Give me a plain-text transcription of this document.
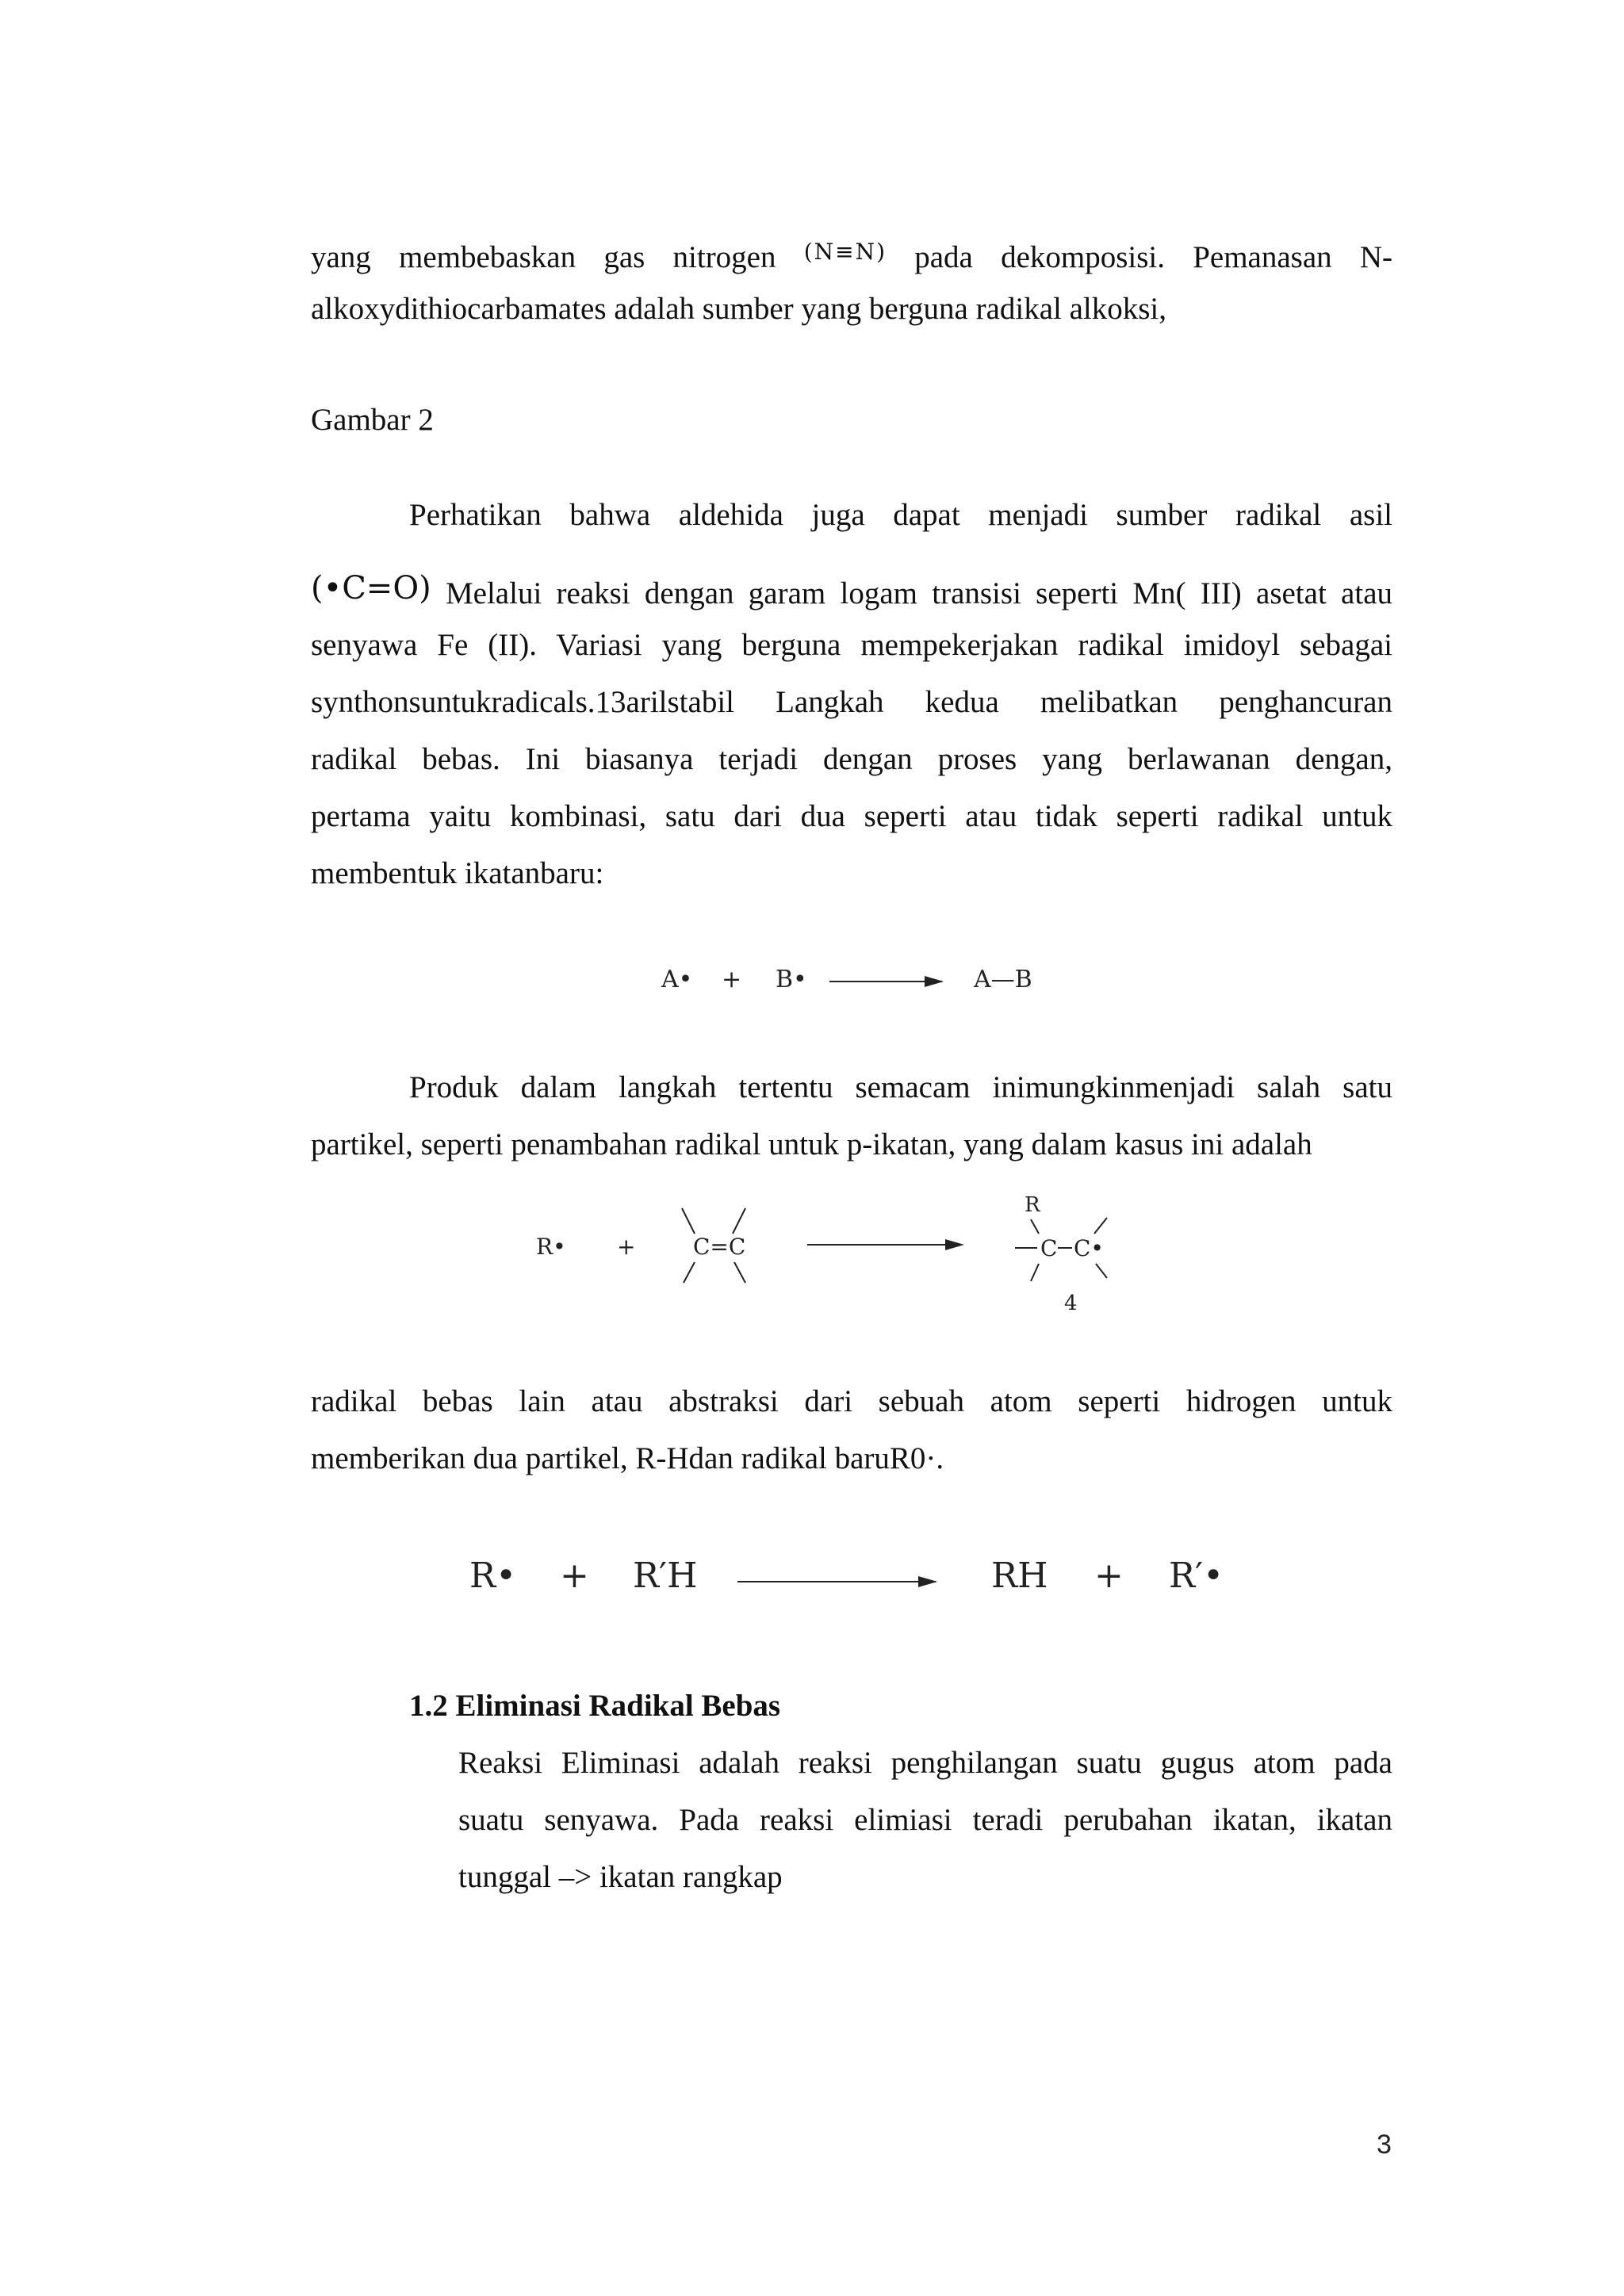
yang membebaskan gas nitrogen (N≡N) pada dekomposisi. Pemanasan N-
alkoxydithiocarbamates adalah sumber yang berguna radikal alkoksi,
Gambar 2
Perhatikan bahwa aldehida juga dapat menjadi sumber radikal asil
(•C=O) Melalui reaksi dengan garam logam transisi seperti Mn( III) asetat atau
senyawa Fe (II). Variasi yang berguna mempekerjakan radikal imidoyl sebagai
synthonsuntukradicals.13arilstabil Langkah kedua melibatkan penghancuran
radikal bebas. Ini biasanya terjadi dengan proses yang berlawanan dengan,
pertama yaitu kombinasi, satu dari dua seperti atau tidak seperti radikal untuk
membentuk ikatanbaru:
A• + B•	A—B
Produk dalam langkah tertentu semacam inimungkinmenjadi salah satu
partikel, seperti penambahan radikal untuk p-ikatan, yang dalam kasus ini adalah
R• +	C=C
R
C C•
4
radikal bebas lain atau abstraksi dari sebuah atom seperti hidrogen untuk
memberikan dua partikel, R-Hdan radikal baruR0·.
R• + R′H	RH + R′•
1.2 Eliminasi Radikal Bebas
Reaksi Eliminasi adalah reaksi penghilangan suatu gugus atom pada
suatu senyawa. Pada reaksi elimiasi teradi perubahan ikatan, ikatan
tunggal –> ikatan rangkap
3
